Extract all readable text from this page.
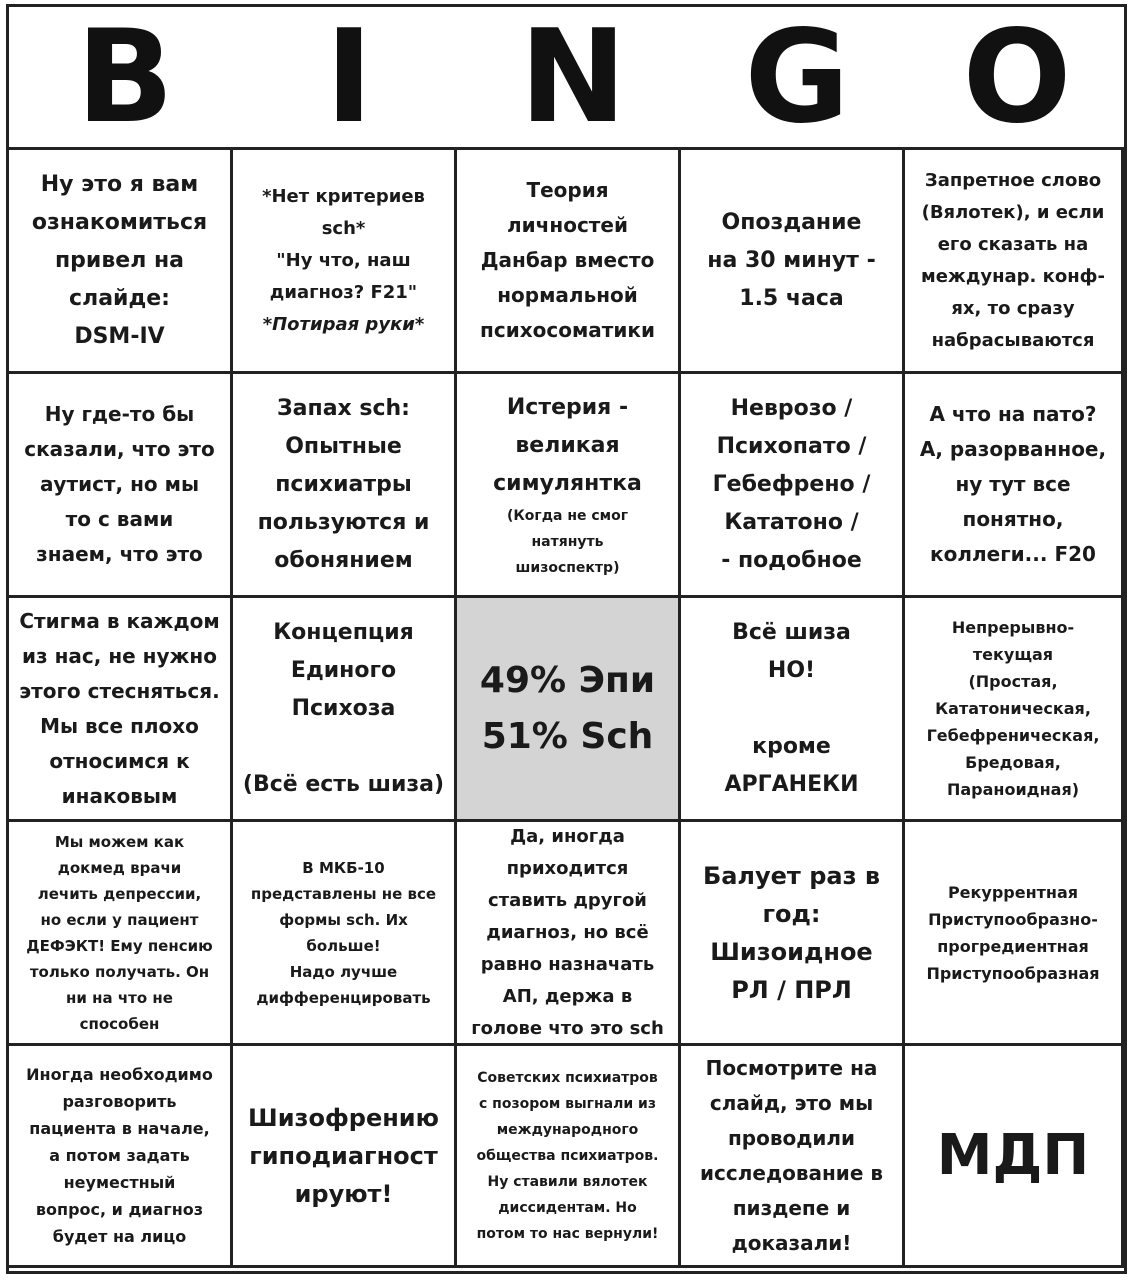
B	I	N G O
Ну это я вам
ознакомиться
привел на
слайде:
DSM-IV
*Нет критериев
sch*
"Ну что, наш
диагноз? F21"
*Потирая руки*
Теория
личностей
Данбар вместо
нормальной
психосоматики
Опоздание
на 30 минут -
1.5 часа
Запретное слово
(Вялотек), и если
его сказать на
междунар. конф-
ях, то сразу
набрасываются
Ну где-то бы
сказали, что это
аутист, но мы
то с вами
знаем, что это
Запах sch:
Опытные
психиатры
пользуются и
обонянием
Истерия -
великая
симулянтка
(Когда не смог
натянуть
шизоспектр)
Неврозо /
Психопато /
Гебефрено /
Кататоно /
- подобное
А что на пато?
А, разорванное,
ну тут все
понятно,
коллеги... F20
Стигма в каждом
из нас, не нужно
этого стесняться.
Мы все плохо
относимся к
инаковым
Концепция
Единого
Психоза
(Всё есть шиза)
49% Эпи
51% Sch
Всё шиза
НО!
кроме
АРГАНЕКИ
Непрерывно-
текущая
(Простая,
Кататоническая,
Гебефреническая,
Бредовая,
Параноидная)
Мы можем как
докмед врачи
лечить депрессии,
но если у пациент
ДЕФЭКТ! Ему пенсию
только получать. Он
ни на что не
способен
В МКБ-10
представлены не все
формы sch. Их
больше!
Надо лучше
дифференцировать
Да, иногда
приходится
ставить другой
диагноз, но всё
равно назначать
АП, держа в
голове что это sch
Балует раз в
год:
Шизоидное
РЛ / ПРЛ
Рекуррентная
Приступообразно-
прогредиентная
Приступообразная
Иногда необходимо
разговорить
пациента в начале,
а потом задать
неуместный
вопрос, и диагноз
будет на лицо
Шизофрению
гиподиагност
ируют!
Советских психиатров
с позором выгнали из
международного
общества психиатров.
Ну ставили вялотек
диссидентам. Но
потом то нас вернули!
Посмотрите на
слайд, это мы
проводили
исследование в
пиздепе и
доказали!
МДП
